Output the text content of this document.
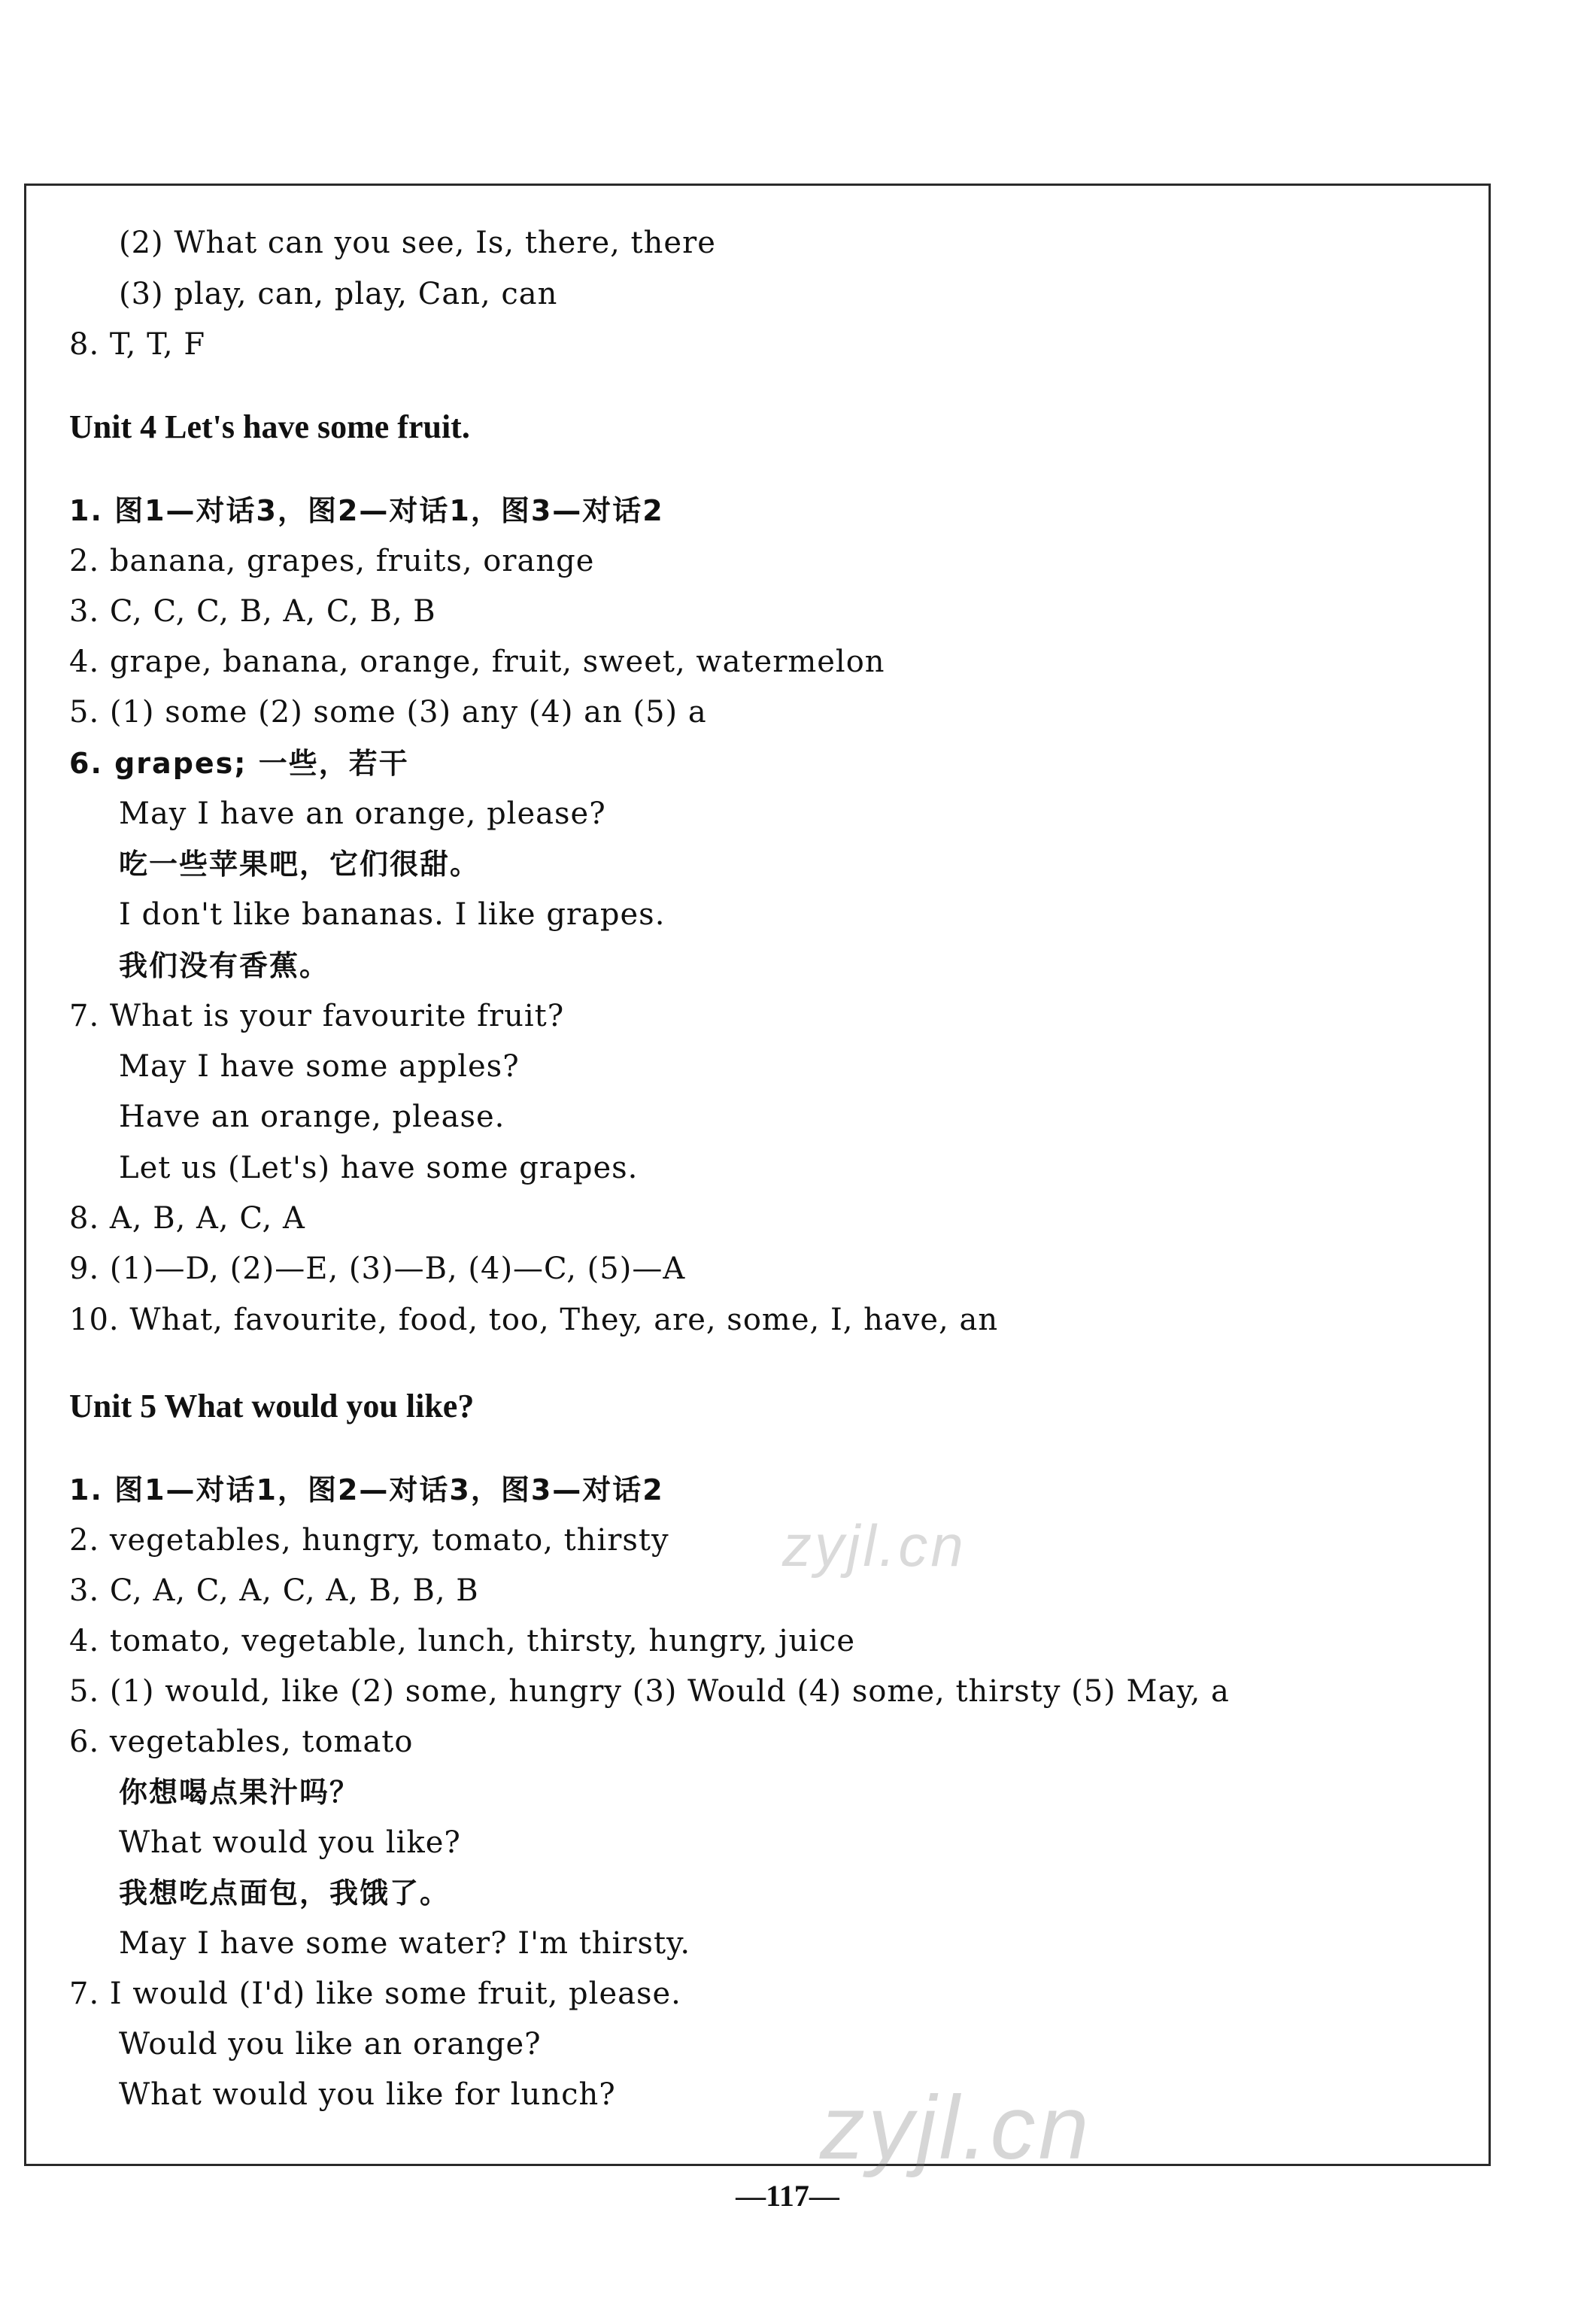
(2) What can you see, Is, there, there
(3) play, can, play, Can, can
8. T, T, F
Unit 4 Let's have some fruit.
1. 图1—对话3，图2—对话1，图3—对话2
2. banana, grapes, fruits, orange
3. C, C, C, B, A, C, B, B
4. grape, banana, orange, fruit, sweet, watermelon
5. (1) some (2) some (3) any (4) an (5) a
6. grapes; 一些，若干
May I have an orange, please?
吃一些苹果吧，它们很甜。
I don't like bananas. I like grapes.
我们没有香蕉。
7. What is your favourite fruit?
May I have some apples?
Have an orange, please.
Let us (Let's) have some grapes.
8. A, B, A, C, A
9. (1)—D, (2)—E, (3)—B, (4)—C, (5)—A
10. What, favourite, food, too, They, are, some, I, have, an
Unit 5 What would you like?
1. 图1—对话1，图2—对话3，图3—对话2
2. vegetables, hungry, tomato, thirsty
3. C, A, C, A, C, A, B, B, B
4. tomato, vegetable, lunch, thirsty, hungry, juice
5. (1) would, like (2) some, hungry (3) Would (4) some, thirsty (5) May, a
6. vegetables, tomato
你想喝点果汁吗？
What would you like?
我想吃点面包，我饿了。
May I have some water? I'm thirsty.
7. I would (I'd) like some fruit, please.
Would you like an orange?
What would you like for lunch?
zyjl.cn
zyjl.cn
—117—
